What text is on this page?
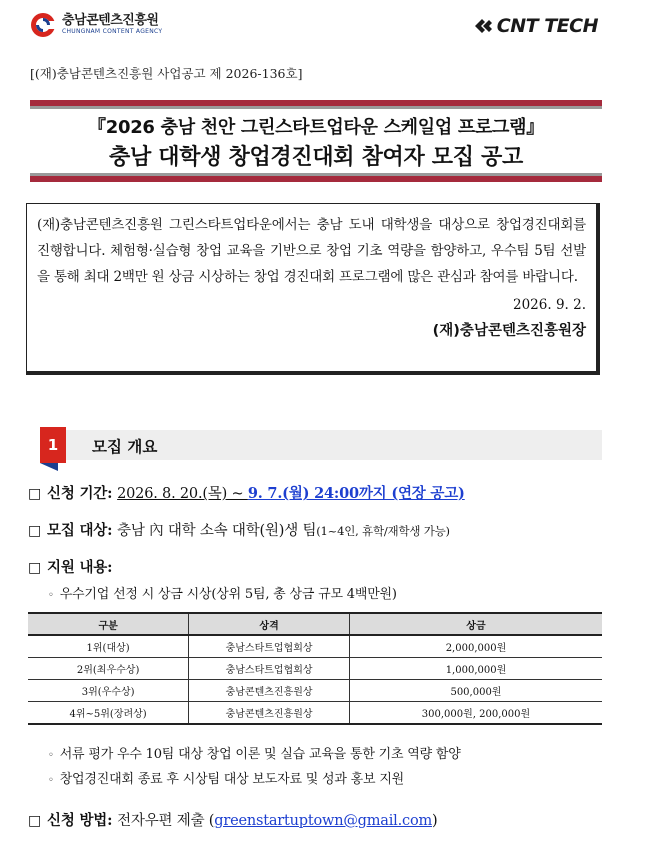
충남콘텐츠진흥원
CHUNGNAM CONTENT AGENCY	CNT TECH
[(재)충남콘텐츠진흥원 사업공고 제 2026-136호]
『2026 충남 천안 그린스타트업타운 스케일업 프로그램』
충남 대학생 창업경진대회 참여자 모집 공고
(재)충남콘텐츠진흥원 그린스타트업타운에서는 충남 도내 대학생을 대상으로 창업경진대회를 진행합니다. 체험형·실습형 창업 교육을 기반으로 창업 기초 역량을 함양하고, 우수팀 5팀 선발을 통해 최대 2백만 원 상금 시상하는 창업 경진대회 프로그램에 많은 관심과 참여를 바랍니다.
2026. 9. 2.
(재)충남콘텐츠진흥원장
1	모집 개요
□ 신청 기간: 2026. 8. 20.(목) ~ 9. 7.(월) 24:00까지 (연장 공고)
□ 모집 대상: 충남 內 대학 소속 대학(원)생 팀(1~4인, 휴학/재학생 가능)
□ 지원 내용:
◦ 우수기업 선정 시 상금 시상(상위 5팀, 총 상금 규모 4백만원)
구분	상격	상금
1위(대상)	충남스타트업협회상	2,000,000원
2위(최우수상)	충남스타트업협회상	1,000,000원
3위(우수상)	충남콘텐츠진흥원상	500,000원
4위~5위(장려상)	충남콘텐츠진흥원상	300,000원, 200,000원
◦ 서류 평가 우수 10팀 대상 창업 이론 및 실습 교육을 통한 기초 역량 함양
◦ 창업경진대회 종료 후 시상팀 대상 보도자료 및 성과 홍보 지원
□ 신청 방법: 전자우편 제출 (greenstartuptown@gmail.com)
